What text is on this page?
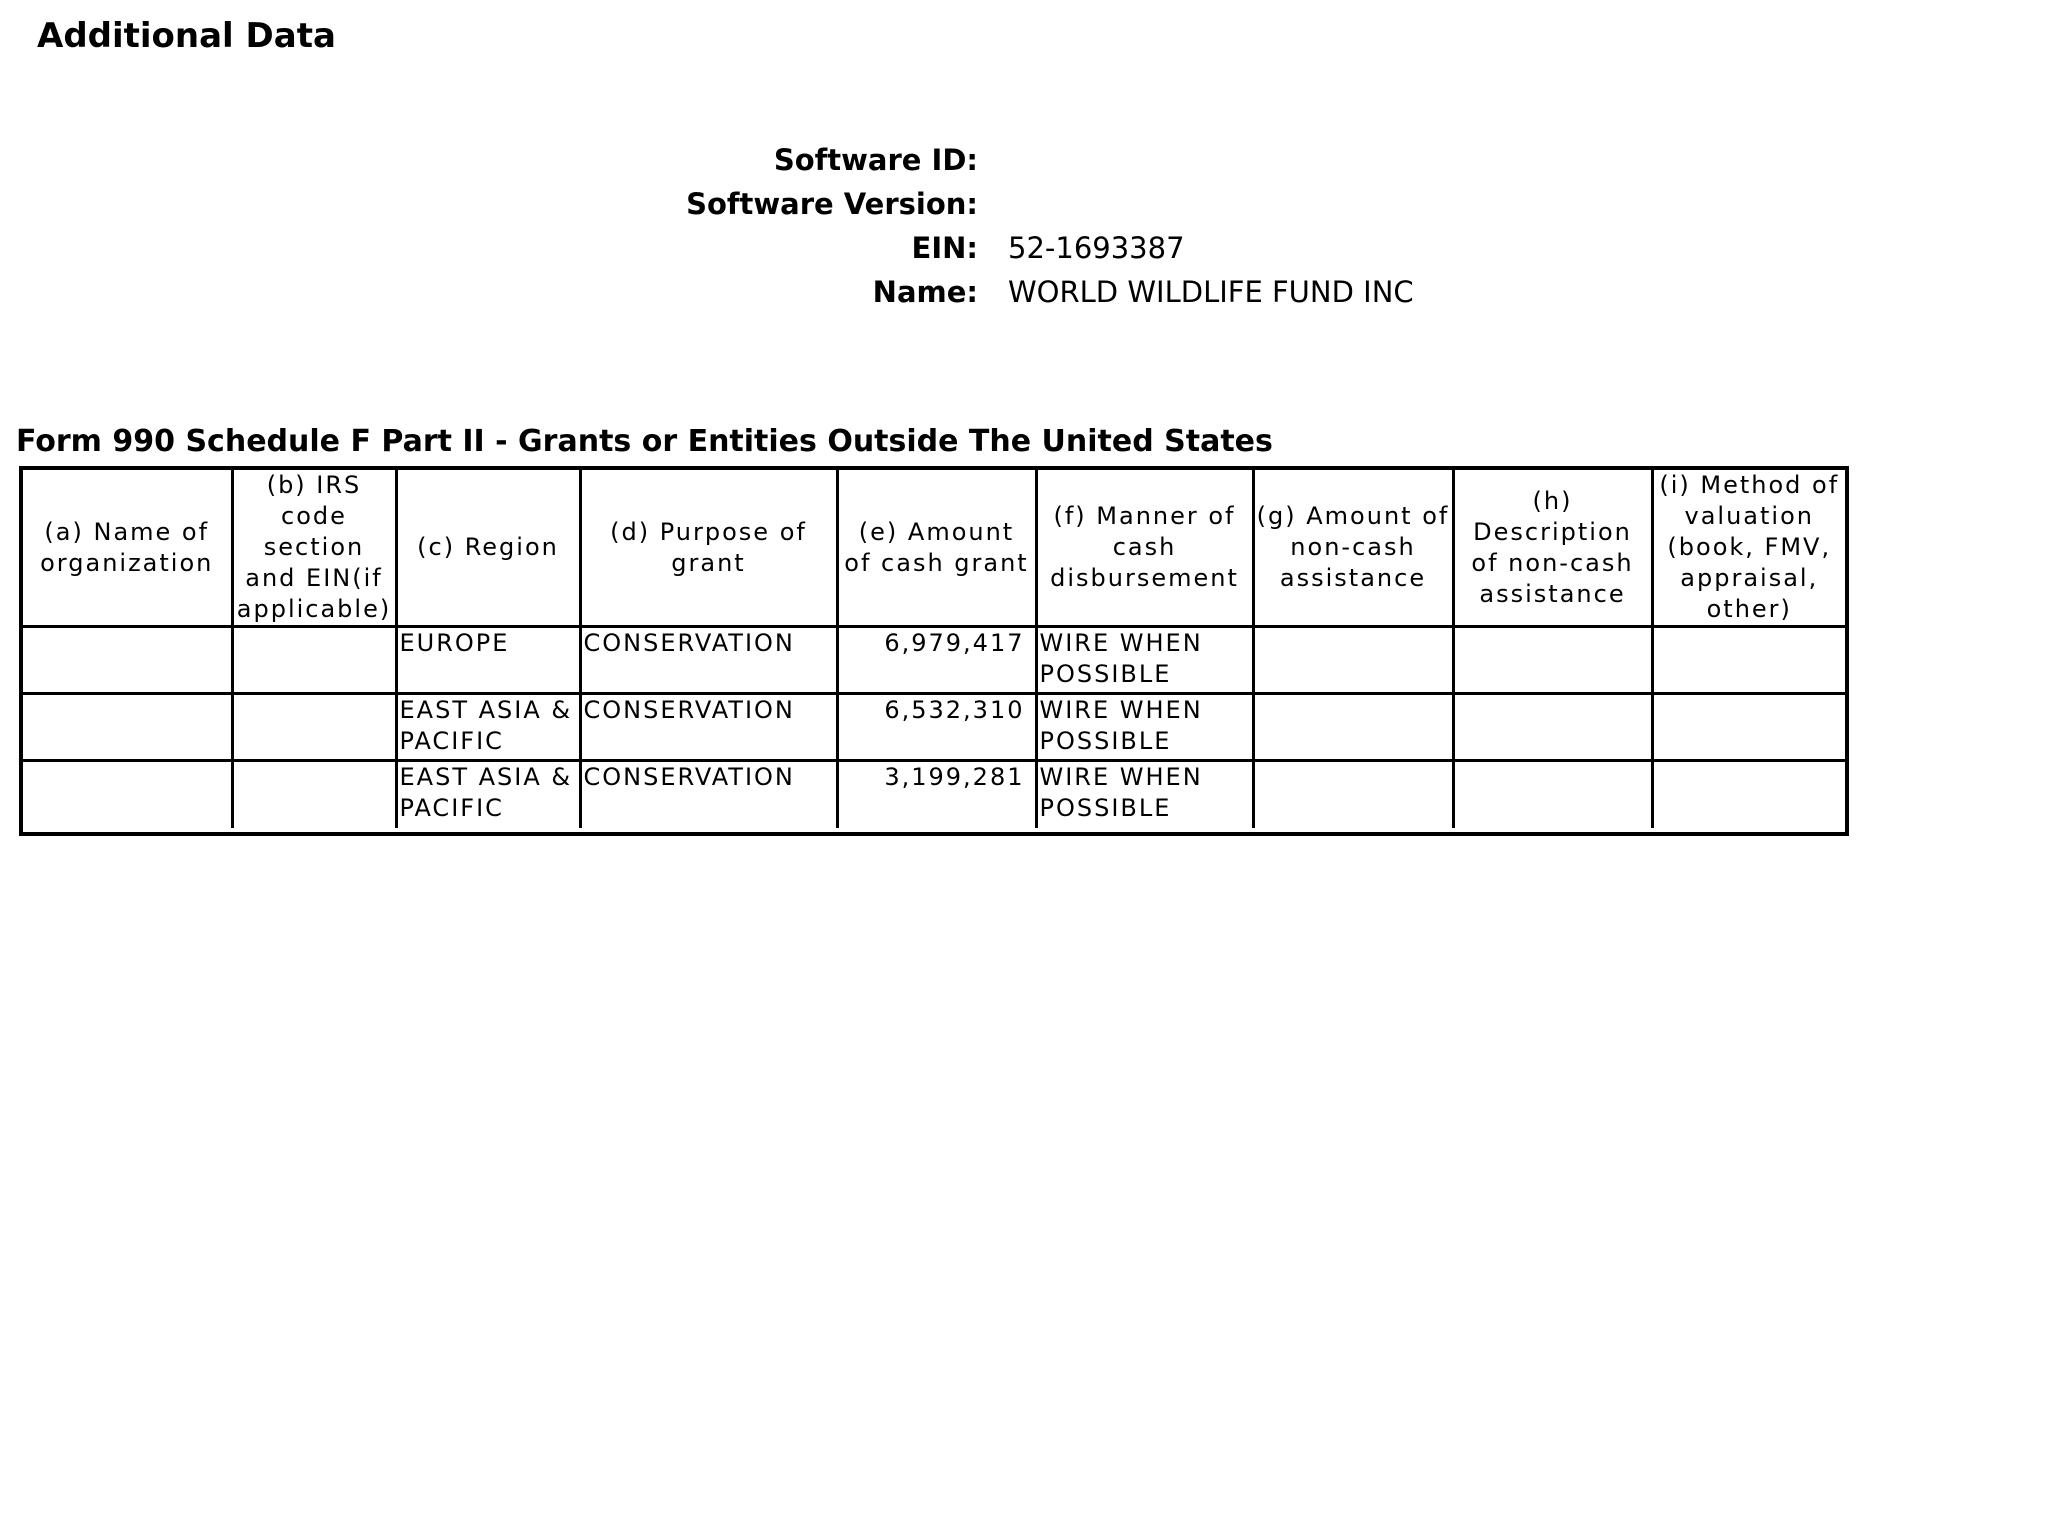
Additional Data
Software ID:
Software Version:
EIN: 52-1693387
Name: WORLD WILDLIFE FUND INC
Form 990 Schedule F Part II - Grants or Entities Outside The United States
(a) Name of organization	(b) IRS code section and EIN(if applicable)	(c) Region	(d) Purpose of grant	(e) Amount of cash grant	(f) Manner of cash disbursement	(g) Amount of non-cash assistance	(h) Description of non-cash assistance	(i) Method of valuation (book, FMV, appraisal, other)
		EUROPE	CONSERVATION	6,979,417	WIRE WHEN POSSIBLE			
		EAST ASIA & PACIFIC	CONSERVATION	6,532,310	WIRE WHEN POSSIBLE			
		EAST ASIA & PACIFIC	CONSERVATION	3,199,281	WIRE WHEN POSSIBLE			
